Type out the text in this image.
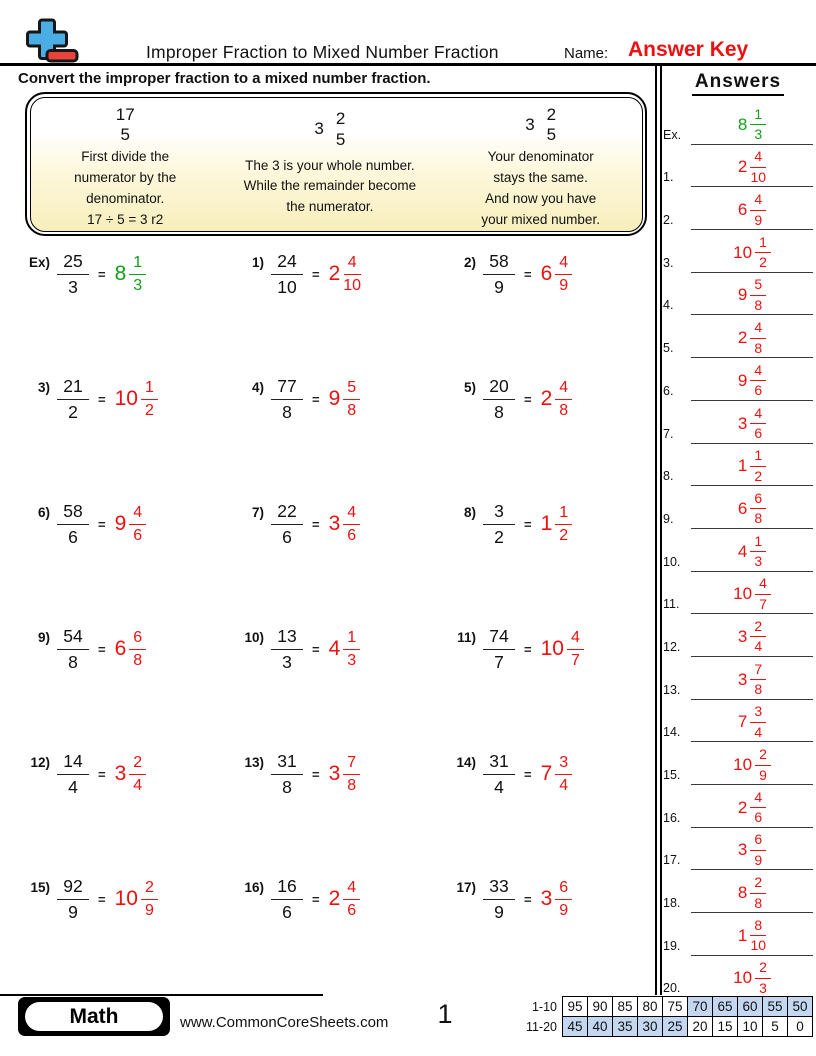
Improper Fraction to Mixed Number Fraction	Name: Answer Key
Convert the improper fraction to a mixed number fraction.
17
5
First divide the
numerator by the
denominator.
17 ÷ 5 = 3 r2
3
2
5
The 3 is your whole number.
While the remainder become
the numerator.
3
2
5
Your denominator
stays the same.
And now you have
your mixed number.
$Ex) \frac{25}{3} = 8 \frac{1}{3}$	$1) \frac{24}{10} = 2 \frac{4}{10}$	$2) \frac{58}{9} = 6 \frac{4}{9}$
$3) \frac{21}{2} = 10 \frac{1}{2}$	$4) \frac{77}{8} = 9 \frac{5}{8}$	$5) \frac{20}{8} = 2 \frac{4}{8}$
$6) \frac{58}{6} = 9 \frac{4}{6}$	$7) \frac{22}{6} = 3 \frac{4}{6}$	$8) \frac{3}{2} = 1 \frac{1}{2}$
$9) \frac{54}{8} = 6 \frac{6}{8}$	$10) \frac{13}{3} = 4 \frac{1}{3}$	$11) \frac{74}{7} = 10 \frac{4}{7}$
$12) \frac{14}{4} = 3 \frac{2}{4}$	$13) \frac{31}{8} = 3 \frac{7}{8}$	$14) \frac{31}{4} = 7 \frac{3}{4}$
$15) \frac{92}{9} = 10 \frac{2}{9}$	$16) \frac{16}{6} = 2 \frac{4}{6}$	$17) \frac{33}{9} = 3 \frac{6}{9}$
Answers
Ex.
$8 \frac{1}{3}$
1.
$2 \frac{4}{10}$
2.
$6 \frac{4}{9}$
3.
$10 \frac{1}{2}$
4.
$9 \frac{5}{8}$
5.
$2 \frac{4}{8}$
6.
$9 \frac{4}{6}$
7.
$3 \frac{4}{6}$
8.
$1 \frac{1}{2}$
9.
$6 \frac{6}{8}$
10.
$4 \frac{1}{3}$
11.
$10 \frac{4}{7}$
12.
$3 \frac{2}{4}$
13.
$3 \frac{7}{8}$
14.
$7 \frac{3}{4}$
15.
$10 \frac{2}{9}$
16.
$2 \frac{4}{6}$
17.
$3 \frac{6}{9}$
18.
$8 \frac{2}{8}$
19.
$1 \frac{8}{10}$
20.
$10 \frac{2}{3}$
Math	www.CommonCoreSheets.com	1	1-10	95	90	85	80	75	70	65	60	55	50
11-20	45	40	35	30	25	20	15	10	5	0
